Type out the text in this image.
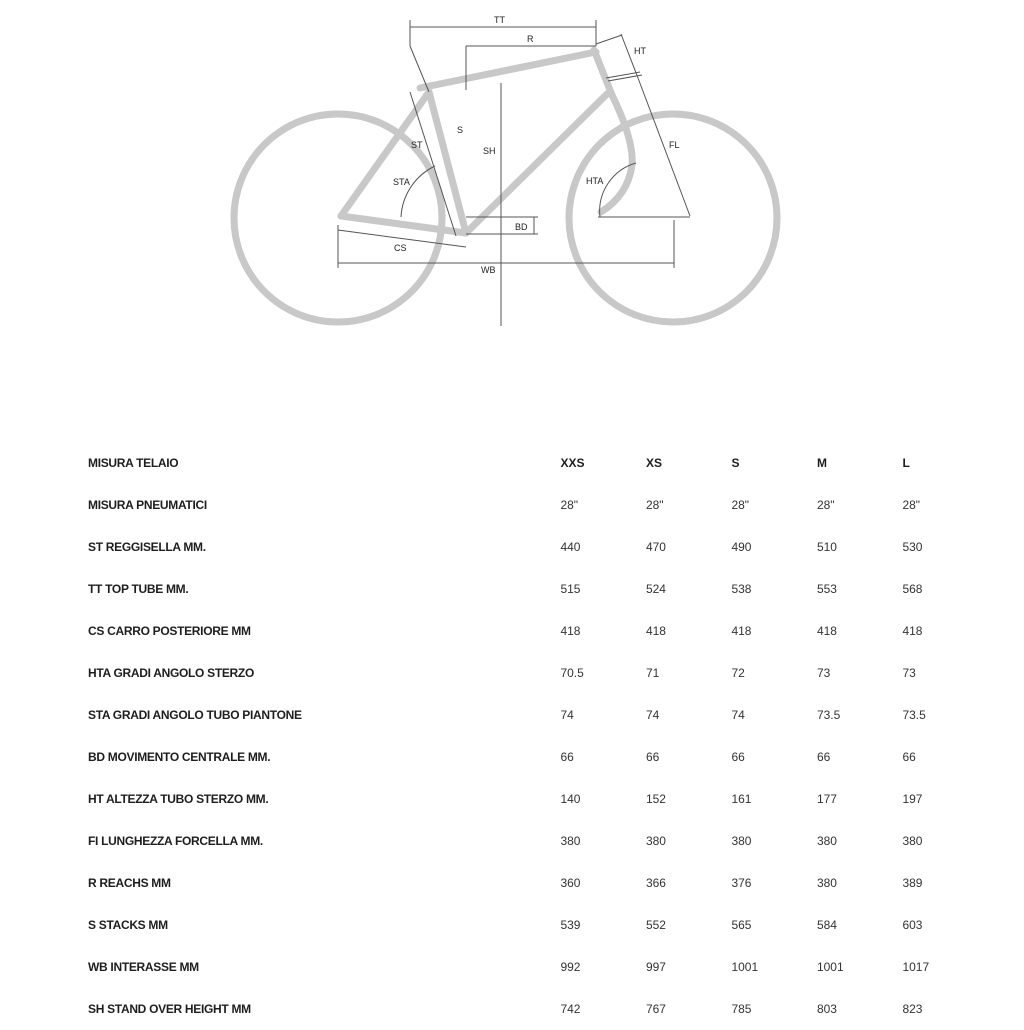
TT
R
HT
S
ST
SH
FL
STA	HTA
BD
CS
WB
MISURA TELAIO	XXS	XS	S	M	L
MISURA PNEUMATICI	28"	28"	28"	28"	28"
ST REGGISELLA MM.	440	470	490	510	530
TT TOP TUBE MM.	515	524	538	553	568
CS CARRO POSTERIORE MM	418	418	418	418	418
HTA GRADI ANGOLO STERZO	70.5	71	72	73	73
STA GRADI ANGOLO TUBO PIANTONE	74	74	74	73.5	73.5
BD MOVIMENTO CENTRALE MM.	66	66	66	66	66
HT ALTEZZA TUBO STERZO MM.	140	152	161	177	197
FI LUNGHEZZA FORCELLA MM.	380	380	380	380	380
R REACHS MM	360	366	376	380	389
S STACKS MM	539	552	565	584	603
WB INTERASSE MM	992	997	1001	1001	1017
SH STAND OVER HEIGHT MM	742	767	785	803	823
